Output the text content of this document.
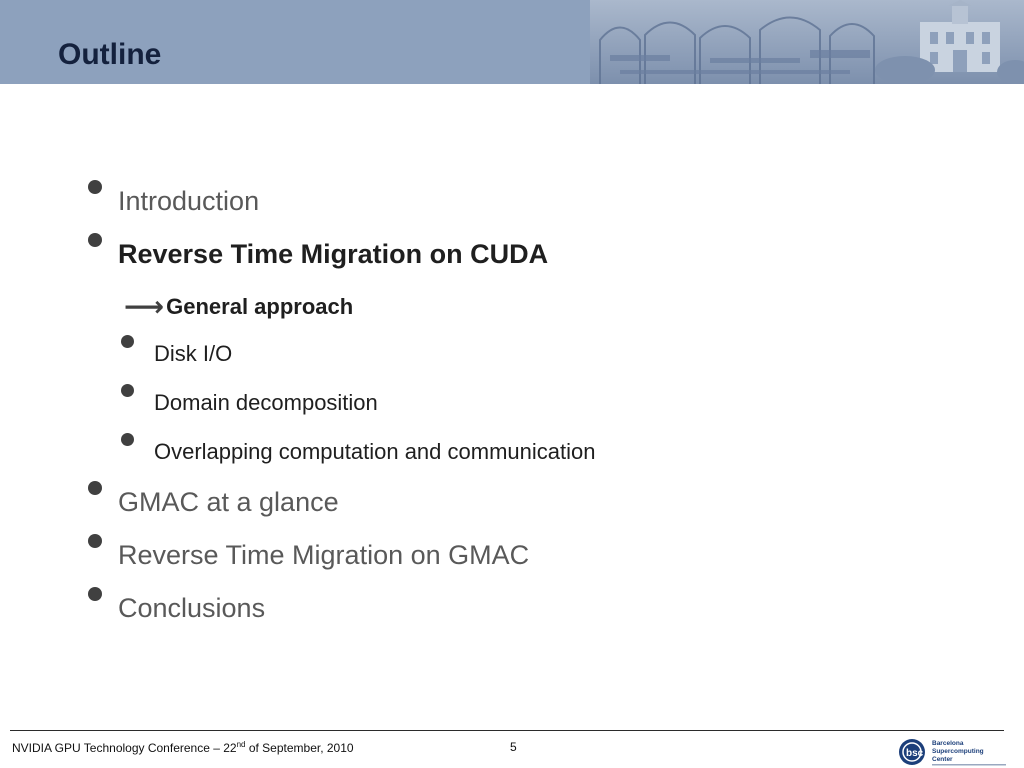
Outline
Introduction
Reverse Time Migration on CUDA
⟶ General approach
Disk I/O
Domain decomposition
Overlapping computation and communication
GMAC at a glance
Reverse Time Migration on GMAC
Conclusions
NVIDIA GPU Technology Conference – 22nd of September, 2010	5	bsc
Barcelona
Supercomputing
Center
